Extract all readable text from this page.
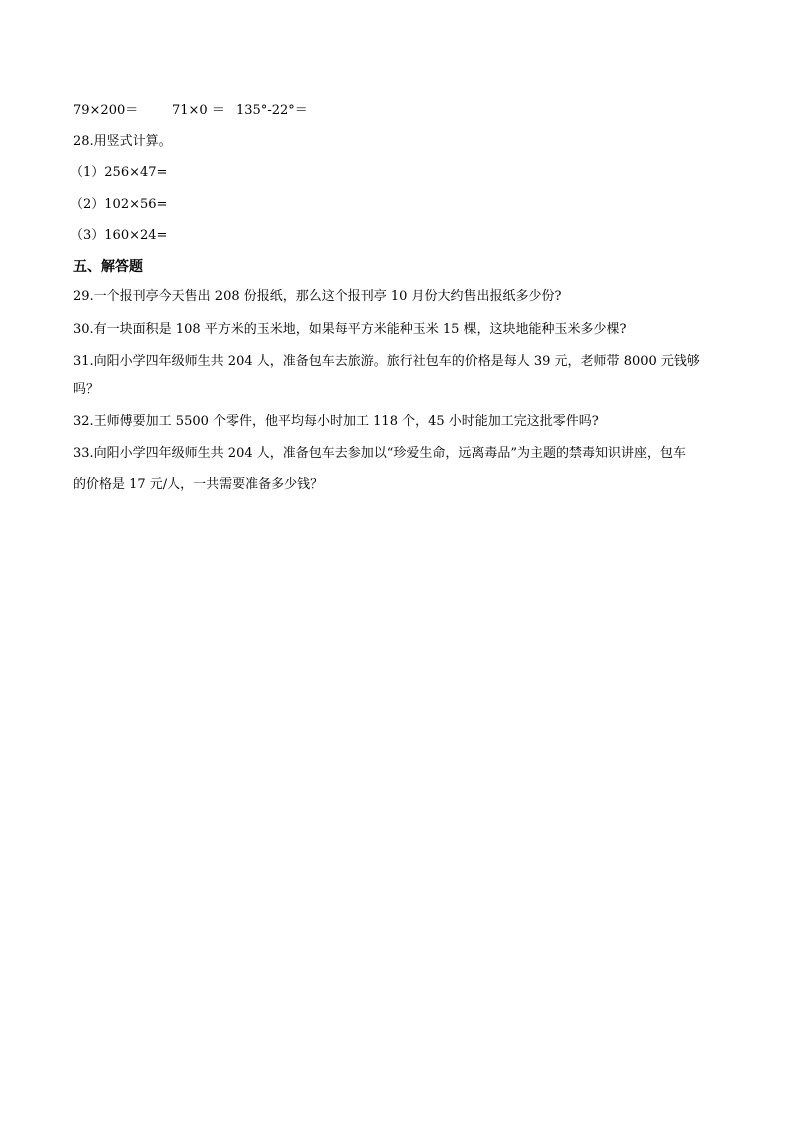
79×200＝	71×0 ＝ 135°-22°＝
28.用竖式计算。
（1）256×47=
（2）102×56=
（3）160×24=
五、解答题
29.一个报刊亭今天售出 208 份报纸，那么这个报刊亭 10 月份大约售出报纸多少份?
30.有一块面积是 108 平方米的玉米地，如果每平方米能种玉米 15 棵，这块地能种玉米多少棵?
31.向阳小学四年级师生共 204 人，准备包车去旅游。旅行社包车的价格是每人 39 元，老师带 8000 元钱够
吗？
32.王师傅要加工 5500 个零件，他平均每小时加工 118 个，45 小时能加工完这批零件吗?
33.向阳小学四年级师生共 204 人，准备包车去参加以“珍爱生命，远离毒品”为主题的禁毒知识讲座，包车
的价格是 17 元/人，一共需要准备多少钱？
